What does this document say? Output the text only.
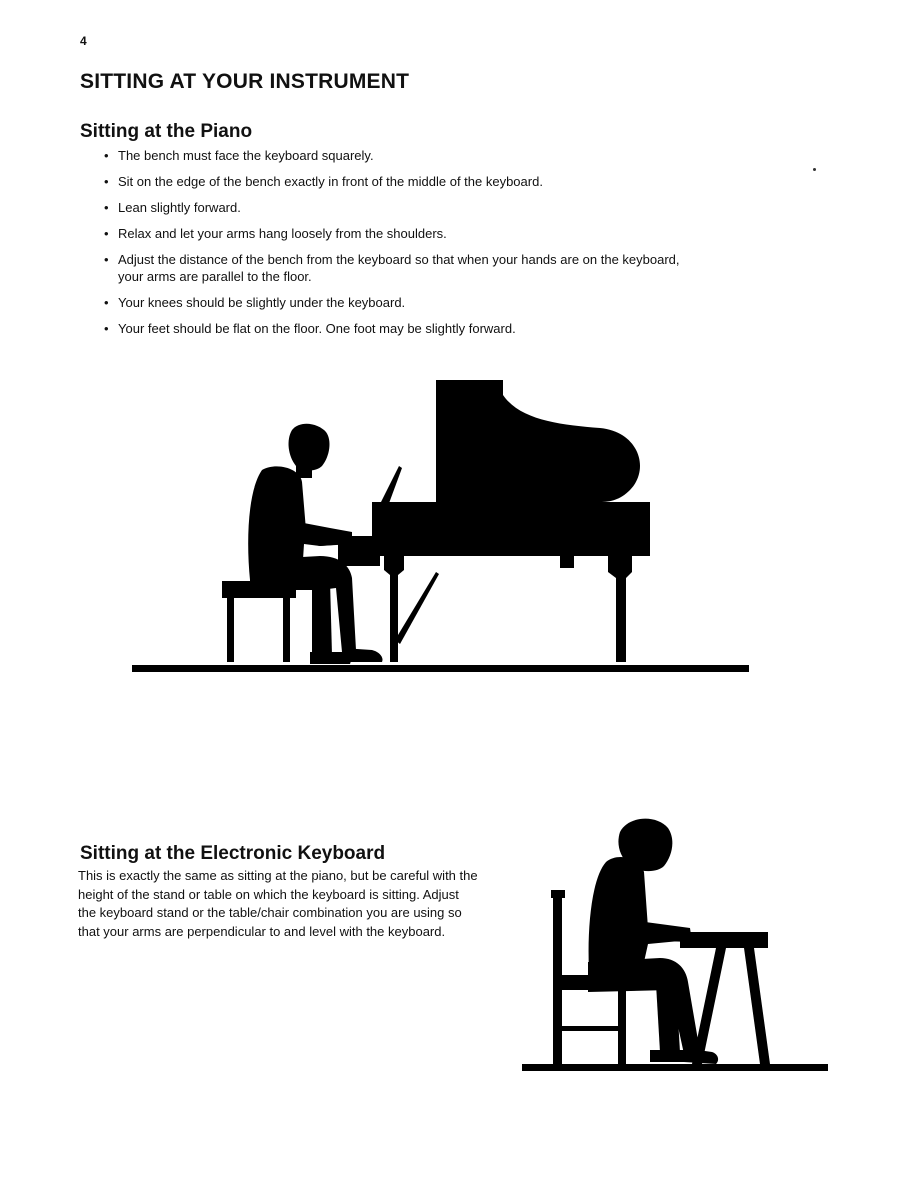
4
SITTING AT YOUR INSTRUMENT
Sitting at the Piano
• The bench must face the keyboard squarely.
• Sit on the edge of the bench exactly in front of the middle of the keyboard.
• Lean slightly forward.
• Relax and let your arms hang loosely from the shoulders.
• Adjust the distance of the bench from the keyboard so that when your hands are on the keyboard, your arms are parallel to the floor.
• Your knees should be slightly under the keyboard.
• Your feet should be flat on the floor. One foot may be slightly forward.
Sitting at the Electronic Keyboard

This is exactly the same as sitting at the piano, but be careful with the height of the stand or table on which the keyboard is sitting. Adjust the keyboard stand or the table/chair combination you are using so that your arms are perpendicular to and level with the keyboard.
